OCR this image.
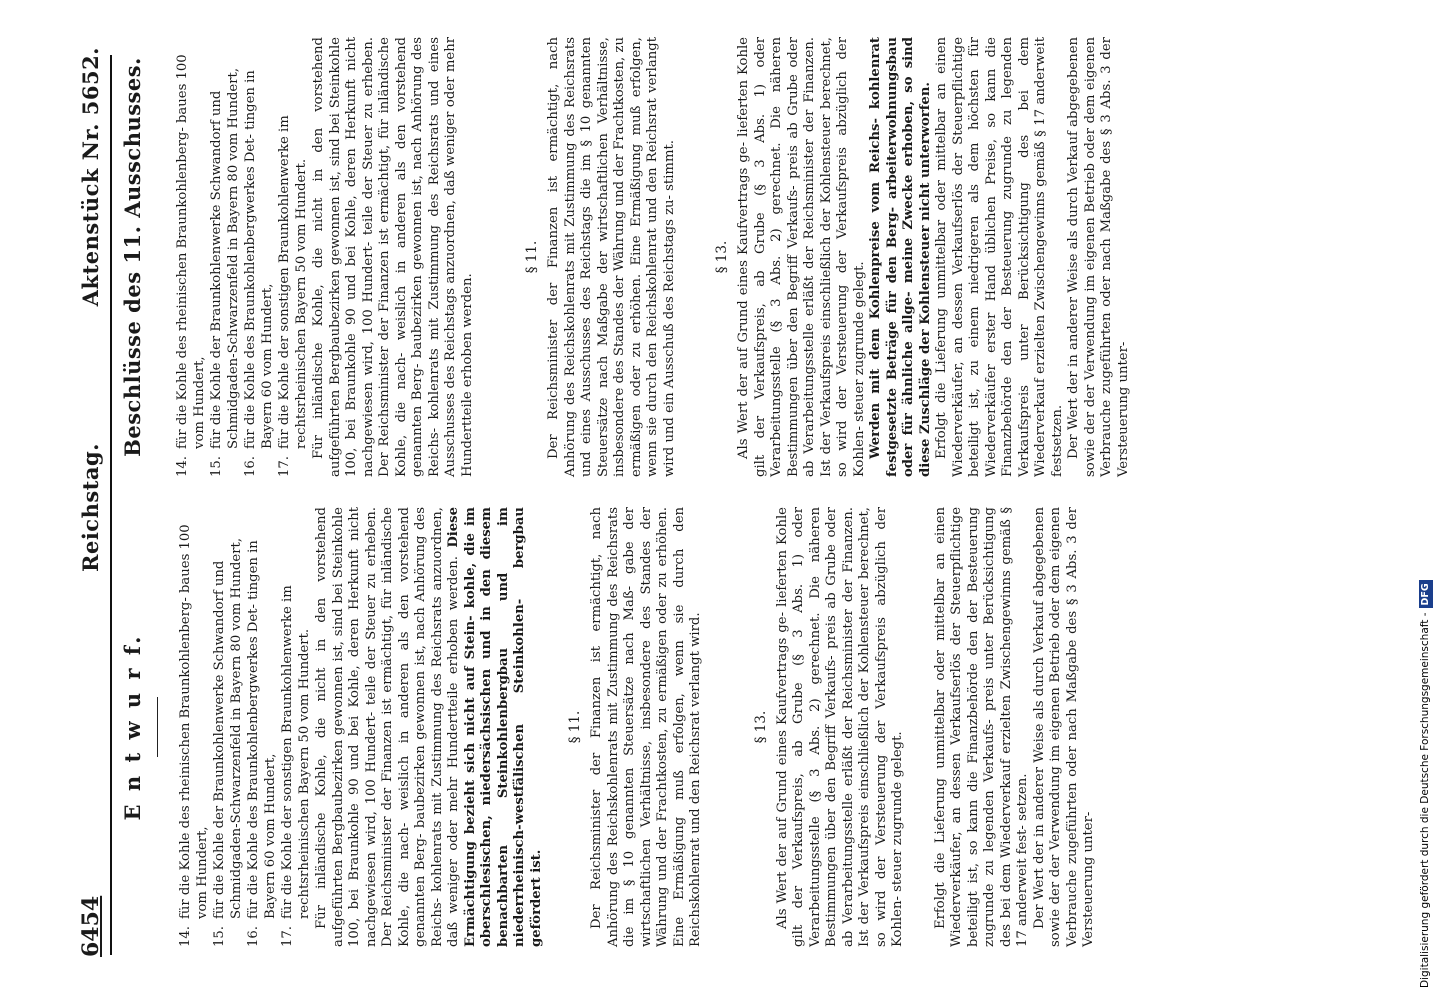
6454
Reichstag.
Aktenstück Nr. 5652.
E n t w u r f.
14.
für die Kohle des rheinischen Braunkohlenberg- baues 100 vom Hundert,
15.
für die Kohle der Braunkohlenwerke Schwandorf und Schmidgaden-Schwarzenfeld in Bayern 80 vom Hundert,
16.
für die Kohle des Braunkohlenbergwerkes Det- tingen in Bayern 60 vom Hundert,
17.
für die Kohle der sonstigen Braunkohlenwerke im rechtsrheinischen Bayern 50 vom Hundert. Für inländische Kohle, die nicht in den vorstehend aufgeführten Bergbaubezirken gewonnen ist, sind bei Steinkohle 100, bei Braunkohle 90 und bei Kohle, deren Herkunft nicht nachgewiesen wird, 100 Hundert- teile der Steuer zu erheben. Der Reichsminister der Finanzen ist ermächtigt, für inländische Kohle, die nach- weislich in anderen als den vorstehend genannten Berg- baubezirken gewonnen ist, nach Anhörung des Reichs- kohlenrats mit Zustimmung des Reichsrats anzuordnen, daß weniger oder mehr Hundertteile erhoben werden. Diese Ermächtigung bezieht sich nicht auf Stein- kohle, die im oberschlesischen, niedersächsischen und in den diesem benachbarten Steinkohlenbergbau und im niederrheinisch-westfälischen Steinkohlen- bergbau gefördert ist.

§ 11. Der Reichsminister der Finanzen ist ermächtigt, nach Anhörung des Reichskohlenrats mit Zustimmung des Reichsrats die im § 10 genannten Steuersätze nach Maß- gabe der wirtschaftlichen Verhältnisse, insbesondere des Standes der Währung und der Frachtkosten, zu ermäßigen oder zu erhöhen. Eine Ermäßigung muß erfolgen, wenn sie durch den Reichskohlenrat und den Reichsrat verlangt wird.	§ 13. Als Wert der auf Grund eines Kaufvertrags ge- lieferten Kohle gilt der Verkaufspreis, ab Grube (§ 3 Abs. 1) oder Verarbeitungsstelle (§ 3 Abs. 2) gerechnet. Die näheren Bestimmungen über den Begriff Verkaufs- preis ab Grube oder ab Verarbeitungsstelle erläßt der Reichsminister der Finanzen. Ist der Verkaufspreis einschließlich der Kohlensteuer berechnet, so wird der Versteuerung der Verkaufspreis abzüglich der Kohlen- steuer zugrunde gelegt. Erfolgt die Lieferung unmittelbar oder mittelbar an einen Wiederverkäufer, an dessen Verkaufserlös der Steuerpflichtige beteiligt ist, so kann die Finanzbehörde den der Besteuerung zugrunde zu legenden Verkaufs- preis unter Berücksichtigung des bei dem Wiederverkauf erzielten Zwischengewinns gemäß § 17 anderweit fest- setzen. Der Wert der in anderer Weise als durch Verkauf abgegebenen sowie der der Verwendung im eigenen Betrieb oder dem eigenen Verbrauche zugeführten oder nach Maßgabe des § 3 Abs. 3 der Versteuerung unter-

Beschlüsse des 11. Ausschusses.
14.
für die Kohle des rheinischen Braunkohlenberg- baues 100 vom Hundert,
15.
für die Kohle der Braunkohlenwerke Schwandorf und Schmidgaden-Schwarzenfeld in Bayern 80 vom Hundert,
16.
für die Kohle des Braunkohlenbergwerkes Det- tingen in Bayern 60 vom Hundert,
17.
für die Kohle der sonstigen Braunkohlenwerke im rechtsrheinischen Bayern 50 vom Hundert. Für inländische Kohle, die nicht in den vorstehend aufgeführten Bergbaubezirken gewonnen ist, sind bei Steinkohle 100, bei Braunkohle 90 und bei Kohle, deren Herkunft nicht nachgewiesen wird, 100 Hundert- teile der Steuer zu erheben. Der Reichsminister der Finanzen ist ermächtigt, für inländische Kohle, die nach- weislich in anderen als den vorstehend genannten Berg- baubezirken gewonnen ist, nach Anhörung des Reichs- kohlenrats mit Zustimmung des Reichsrats und eines Ausschusses des Reichstags anzuordnen, daß weniger oder mehr Hundertteile erhoben werden.

§ 11. Der Reichsminister der Finanzen ist ermächtigt, nach Anhörung des Reichskohlenrats mit Zustimmung des Reichsrats und eines Ausschusses des Reichstags die im § 10 genannten Steuersätze nach Maßgabe der wirtschaftlichen Verhältnisse, insbesondere des Standes der Währung und der Frachtkosten, zu ermäßigen oder zu erhöhen. Eine Ermäßigung muß erfolgen, wenn sie durch den Reichskohlenrat und den Reichsrat verlangt wird und ein Ausschuß des Reichstags zu- stimmt.	§ 13. Als Wert der auf Grund eines Kaufvertrags ge- lieferten Kohle gilt der Verkaufspreis, ab Grube (§ 3 Abs. 1) oder Verarbeitungsstelle (§ 3 Abs. 2) gerechnet. Die näheren Bestimmungen über den Begriff Verkaufs- preis ab Grube oder ab Verarbeitungsstelle erläßt der Reichsminister der Finanzen. Ist der Verkaufspreis einschließlich der Kohlensteuer berechnet, so wird der Versteuerung der Verkaufspreis abzüglich der Kohlen- steuer zugrunde gelegt. Werden mit dem Kohlenpreise vom Reichs- kohlenrat festgesetzte Beträge für den Berg- arbeiterwohnungsbau oder für ähnliche allge- meine Zwecke erhoben, so sind diese Zuschläge der Kohlensteuer nicht unterworfen. Erfolgt die Lieferung unmittelbar oder mittelbar an einen Wiederverkäufer, an dessen Verkaufserlös der Steuerpflichtige beteiligt ist, zu einem niedrigeren als dem höchsten für Wiederverkäufer erster Hand üblichen Preise, so kann die Finanzbehörde den der Besteuerung zugrunde zu legenden Verkaufspreis unter Berücksichtigung des bei dem Wiederverkauf erzielten Zwischengewinns gemäß § 17 anderweit festsetzen. Der Wert der in anderer Weise als durch Verkauf abgegebenen sowie der der Verwendung im eigenen Betrieb oder dem eigenen Verbrauche zugeführten oder nach Maßgabe des § 3 Abs. 3 der Versteuerung unter-

Digitalisierung gefördert durch die Deutsche Forschungsgemeinschaft -DFG
